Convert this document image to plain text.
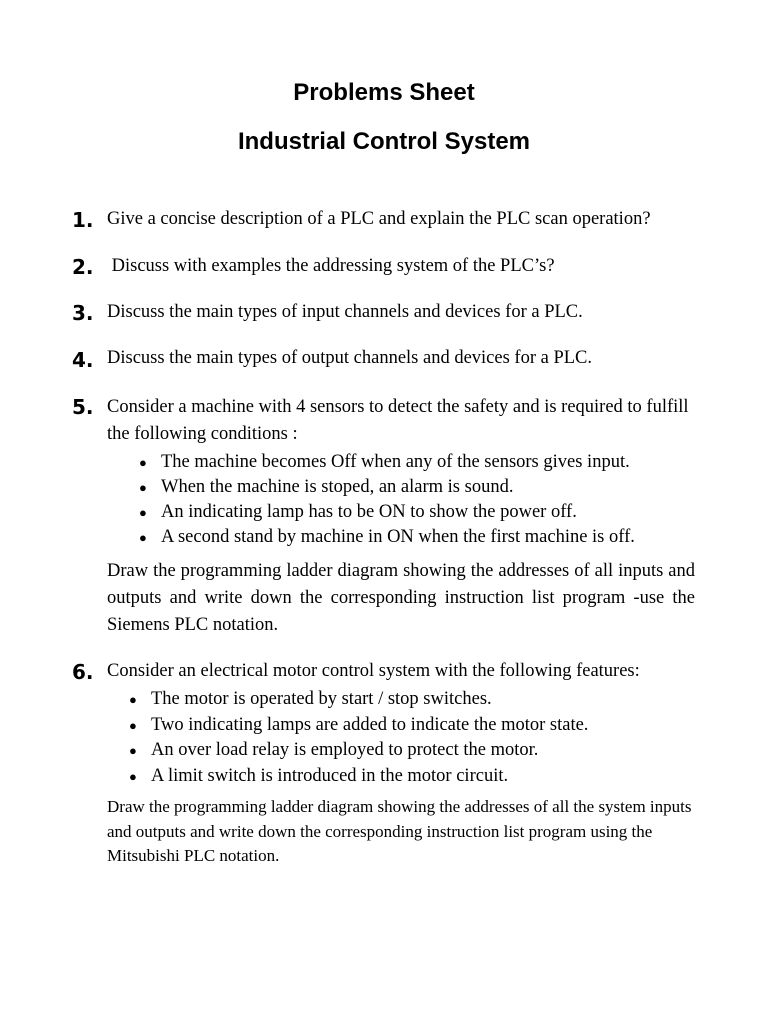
Problems Sheet
Industrial Control System
1. Give a concise description of a PLC and explain the PLC scan operation?
2. Discuss with examples the addressing system of the PLC’s?
3. Discuss the main types of input channels and devices for a PLC.
4. Discuss the main types of output channels and devices for a PLC.
5. Consider a machine with 4 sensors to detect the safety and is required to fulfill the following conditions :
● The machine becomes Off when any of the sensors gives input.
● When the machine is stoped, an alarm is sound.
● An indicating lamp has to be ON to show the power off.
● A second stand by machine in ON when the first machine is off.
Draw the programming ladder diagram showing the addresses of all inputs and outputs and write down the corresponding instruction list program -use the Siemens PLC notation.
6. Consider an electrical motor control system with the following features:
● The motor is operated by start / stop switches.
● Two indicating lamps are added to indicate the motor state.
● An over load relay is employed to protect the motor.
● A limit switch is introduced in the motor circuit.
Draw the programming ladder diagram showing the addresses of all the system inputs and outputs and write down the corresponding instruction list program using the Mitsubishi PLC notation.
